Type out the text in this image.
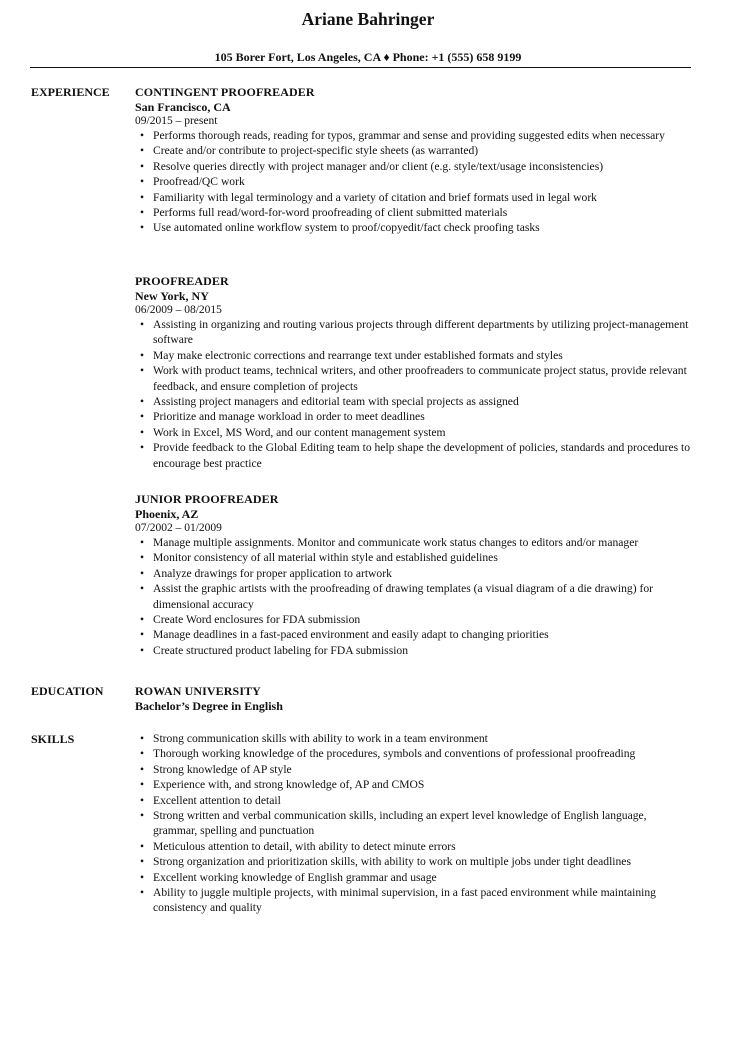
Ariane Bahringer
105 Borer Fort, Los Angeles, CA ♦ Phone: +1 (555) 658 9199
EXPERIENCE CONTINGENT PROOFREADER
San Francisco, CA
09/2015 – present
• Performs thorough reads, reading for typos, grammar and sense and providing suggested edits when necessary
• Create and/or contribute to project-specific style sheets (as warranted)
• Resolve queries directly with project manager and/or client (e.g. style/text/usage inconsistencies)
• Proofread/QC work
• Familiarity with legal terminology and a variety of citation and brief formats used in legal work
• Performs full read/word-for-word proofreading of client submitted materials
• Use automated online workflow system to proof/copyedit/fact check proofing tasks
PROOFREADER
New York, NY
06/2009 – 08/2015
• Assisting in organizing and routing various projects through different departments by utilizing project-management software
• May make electronic corrections and rearrange text under established formats and styles
• Work with product teams, technical writers, and other proofreaders to communicate project status, provide relevant feedback, and ensure completion of projects
• Assisting project managers and editorial team with special projects as assigned
• Prioritize and manage workload in order to meet deadlines
• Work in Excel, MS Word, and our content management system
• Provide feedback to the Global Editing team to help shape the development of policies, standards and procedures to encourage best practice
JUNIOR PROOFREADER
Phoenix, AZ
07/2002 – 01/2009
• Manage multiple assignments. Monitor and communicate work status changes to editors and/or manager
• Monitor consistency of all material within style and established guidelines
• Analyze drawings for proper application to artwork
• Assist the graphic artists with the proofreading of drawing templates (a visual diagram of a die drawing) for dimensional accuracy
• Create Word enclosures for FDA submission
• Manage deadlines in a fast-paced environment and easily adapt to changing priorities
• Create structured product labeling for FDA submission
EDUCATION	ROWAN UNIVERSITY
Bachelor’s Degree in English
SKILLS
•	Strong communication skills with ability to work in a team environment
• Thorough working knowledge of the procedures, symbols and conventions of professional proofreading
• Strong knowledge of AP style
• Experience with, and strong knowledge of, AP and CMOS
• Excellent attention to detail
• Strong written and verbal communication skills, including an expert level knowledge of English language, grammar, spelling and punctuation
• Meticulous attention to detail, with ability to detect minute errors
• Strong organization and prioritization skills, with ability to work on multiple jobs under tight deadlines
• Excellent working knowledge of English grammar and usage
• Ability to juggle multiple projects, with minimal supervision, in a fast paced environment while maintaining consistency and quality
